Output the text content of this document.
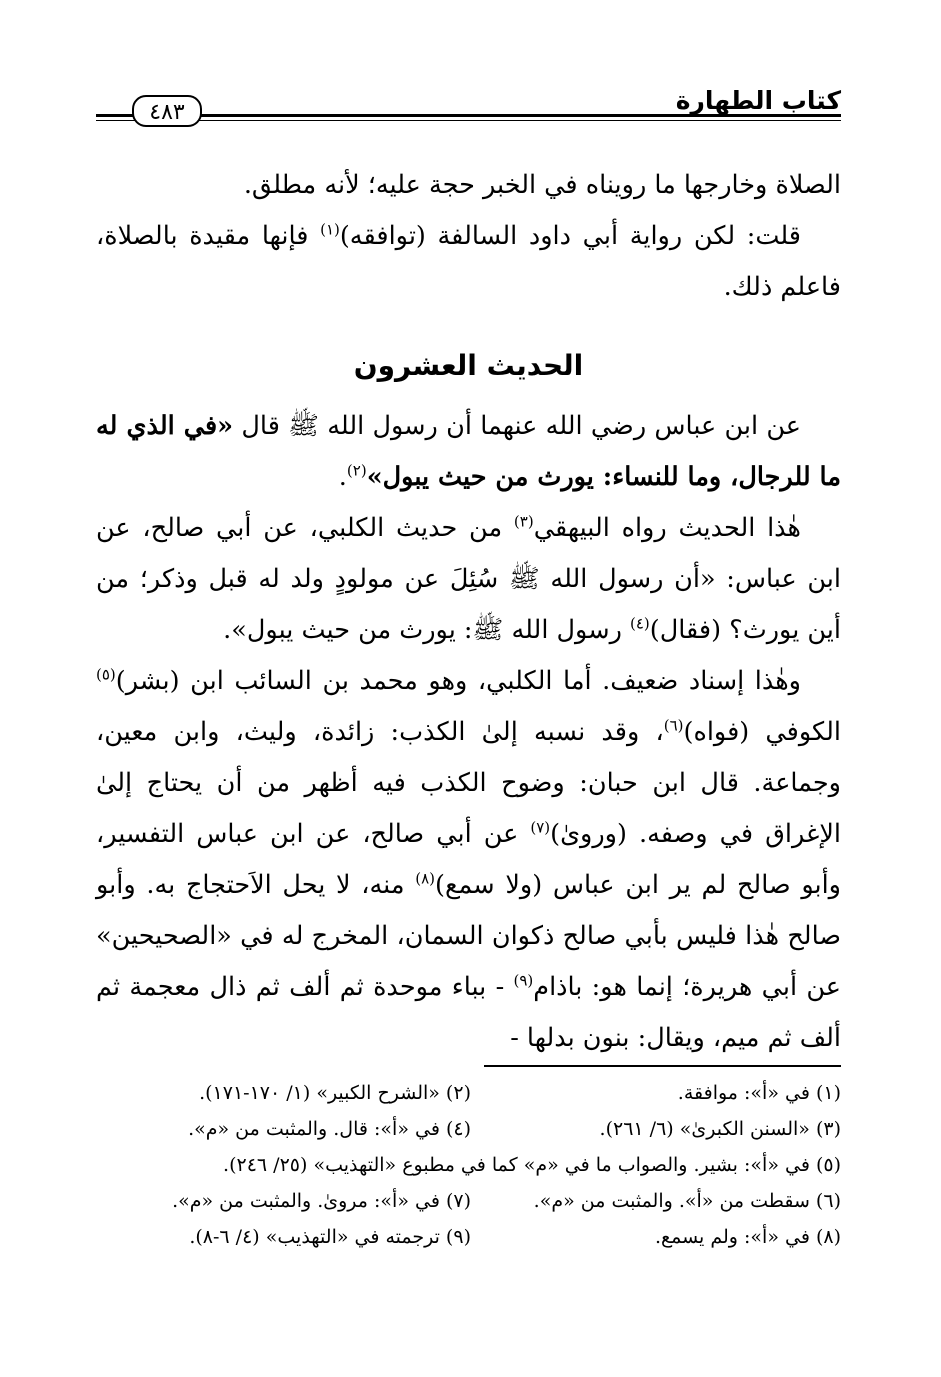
كتاب الطهارة
٤٨٣

الصلاة وخارجها ما رويناه في الخبر حجة عليه؛ لأنه مطلق.

قلت: لكن رواية أبي داود السالفة (توافقه)$^{(١)}$ فإنها مقيدة بالصلاة، فاعلم ذلك.

الحديث العشرون

عن ابن عباس رضي الله عنهما أن رسول الله ﷺ قال «في الذي له ما للرجال، وما للنساء: يورث من حيث يبول»$^{(٢)}$.

هٰذا الحديث رواه البيهقي$^{(٣)}$ من حديث الكلبي، عن أبي صالح، عن ابن عباس: «أن رسول الله ﷺ سُئِلَ عن مولودٍ ولد له قبل وذكر؛ من أين يورث؟ (فقال)$^{(٤)}$ رسول الله ﷺ: يورث من حيث يبول».

وهٰذا إسناد ضعيف. أما الكلبي، وهو محمد بن السائب ابن (بشر)$^{(٥)}$ الكوفي (فواه)$^{(٦)}$، وقد نسبه إلىٰ الكذب: زائدة، وليث، وابن معين، وجماعة. قال ابن حبان: وضوح الكذب فيه أظهر من أن يحتاج إلىٰ الإغراق في وصفه. (وروىٰ)$^{(٧)}$ عن أبي صالح، عن ابن عباس التفسير، وأبو صالح لم ير ابن عباس (ولا سمع)$^{(٨)}$ منه، لا يحل الاَحتجاج به. وأبو صالح هٰذا فليس بأبي صالح ذكوان السمان، المخرج له في «الصحيحين» عن أبي هريرة؛ إنما هو: باذام$^{(٩)}$ - بباء موحدة ثم ألف ثم ذال معجمة ثم ألف ثم ميم، ويقال: بنون بدلها -

(١) في «أ»: موافقة.
(٢) «الشرح الكبير» (١/ ١٧٠-١٧١).
(٣) «السنن الكبرىٰ» (٦/ ٢٦١).
(٤) في «أ»: قال. والمثبت من «م».
(٥) في «أ»: بشير. والصواب ما في «م» كما في مطبوع «التهذيب» (٢٥/ ٢٤٦).
(٦) سقطت من «أ». والمثبت من «م».
(٧) في «أ»: مروىٰ. والمثبت من «م».
(٨) في «أ»: ولم يسمع.
(٩) ترجمته في «التهذيب» (٤/ ٦-٨).
